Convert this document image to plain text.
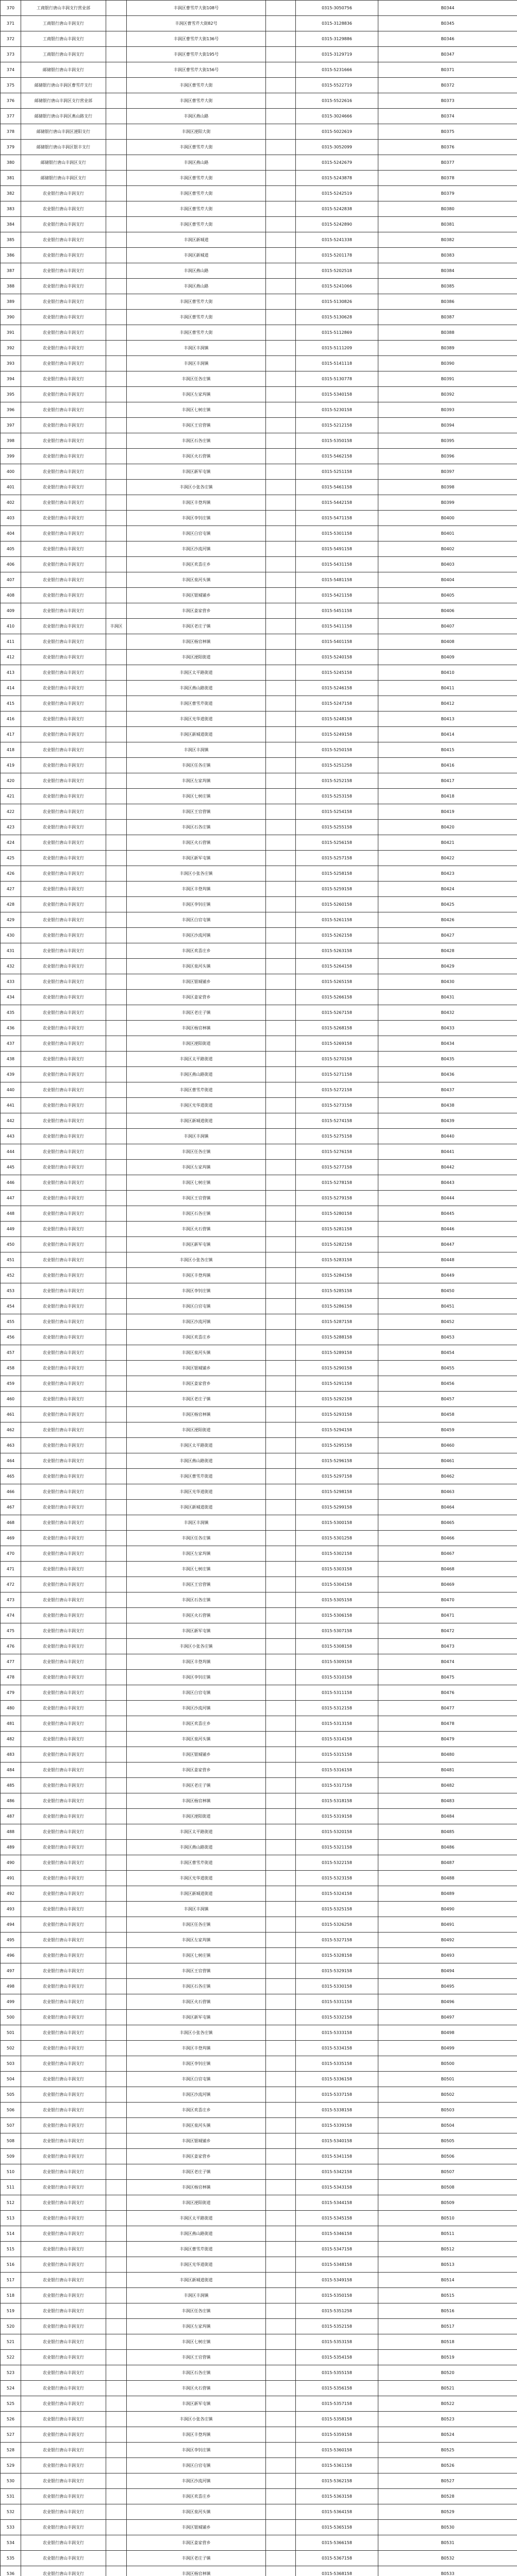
370	工商银行唐山丰润支行营业部		丰润区曹雪芹大街108号		0315-3050756	B0344
371	工商银行唐山丰润支行		丰润区曹雪芹大街82号		0315-3128836	B0345
372	工商银行唐山丰润支行		丰润区曹雪芹大街136号		0315-3129886	B0346
373	工商银行唐山丰润支行		丰润区曹雪芹大街195号		0315-3129719	B0347
374	邮储银行唐山丰润支行		丰润区曹雪芹大街156号		0315-5231666	B0371
375	邮储银行唐山丰润区曹雪芹支行		丰润区曹雪芹大街		0315-5522719	B0372
376	邮储银行唐山丰润区支行营业部		丰润区曹雪芹大街		0315-5522616	B0373
377	邮储银行唐山丰润区燕山路支行		丰润区燕山路		0315-3024666	B0374
378	邮储银行唐山丰润区浭阳支行		丰润区浭阳大街		0315-5022619	B0375
379	邮储银行唐山丰润区银丰支行		丰润区曹雪芹大街		0315-3052099	B0376
380	邮储银行唐山丰润区支行		丰润区燕山路		0315-5242679	B0377
381	邮储银行唐山丰润区支行		丰润区曹雪芹大街		0315-5243878	B0378
382	农业银行唐山丰润支行		丰润区曹雪芹大街		0315-5242519	B0379
383	农业银行唐山丰润支行		丰润区曹雪芹大街		0315-5242838	B0380
384	农业银行唐山丰润支行		丰润区曹雪芹大街		0315-5242890	B0381
385	农业银行唐山丰润支行		丰润区新城道		0315-5241338	B0382
386	农业银行唐山丰润支行		丰润区新城道		0315-5201178	B0383
387	农业银行唐山丰润支行		丰润区燕山路		0315-5202518	B0384
388	农业银行唐山丰润支行		丰润区燕山路		0315-5241066	B0385
389	农业银行唐山丰润支行		丰润区曹雪芹大街		0315-5130826	B0386
390	农业银行唐山丰润支行		丰润区曹雪芹大街		0315-5130628	B0387
391	农业银行唐山丰润支行		丰润区曹雪芹大街		0315-5112869	B0388
392	农业银行唐山丰润支行		丰润区丰润镇		0315-5111209	B0389
393	农业银行唐山丰润支行		丰润区丰润镇		0315-5141118	B0390
394	农业银行唐山丰润支行		丰润区任各庄镇		0315-5130778	B0391
395	农业银行唐山丰润支行		丰润区左家坞镇		0315-5340158	B0392
396	农业银行唐山丰润支行		丰润区七树庄镇		0315-5230158	B0393
397	农业银行唐山丰润支行		丰润区王官营镇		0315-5212158	B0394
398	农业银行唐山丰润支行		丰润区石各庄镇		0315-5350158	B0395
399	农业银行唐山丰润支行		丰润区火石营镇		0315-5462158	B0396
400	农业银行唐山丰润支行		丰润区新军屯镇		0315-5251158	B0397
401	农业银行唐山丰润支行		丰润区小张各庄镇		0315-5461158	B0398
402	农业银行唐山丰润支行		丰润区丰登坞镇		0315-5442158	B0399
403	农业银行唐山丰润支行		丰润区李钊庄镇		0315-5471158	B0400
404	农业银行唐山丰润支行		丰润区白官屯镇		0315-5301158	B0401
405	农业银行唐山丰润支行		丰润区沙流河镇		0315-5491158	B0402
406	农业银行唐山丰润支行		丰润区欢喜庄乡		0315-5431158	B0403
407	农业银行唐山丰润支行		丰润区泉河头镇		0315-5481158	B0404
408	农业银行唐山丰润支行		丰润区银城铺乡		0315-5421158	B0405
409	农业银行唐山丰润支行		丰润区姜家营乡		0315-5451158	B0406
410	农业银行唐山丰润支行	丰润区	丰润区老庄子镇		0315-5411158	B0407
411	农业银行唐山丰润支行		丰润区杨官林镇		0315-5401158	B0408
412	农业银行唐山丰润支行		丰润区浭阳街道		0315-5240158	B0409
413	农业银行唐山丰润支行		丰润区太平路街道		0315-5245158	B0410
414	农业银行唐山丰润支行		丰润区燕山路街道		0315-5246158	B0411
415	农业银行唐山丰润支行		丰润区曹雪芹街道		0315-5247158	B0412
416	农业银行唐山丰润支行		丰润区光华道街道		0315-5248158	B0413
417	农业银行唐山丰润支行		丰润区新城道街道		0315-5249158	B0414
418	农业银行唐山丰润支行		丰润区丰润镇		0315-5250158	B0415
419	农业银行唐山丰润支行		丰润区任各庄镇		0315-5251258	B0416
420	农业银行唐山丰润支行		丰润区左家坞镇		0315-5252158	B0417
421	农业银行唐山丰润支行		丰润区七树庄镇		0315-5253158	B0418
422	农业银行唐山丰润支行		丰润区王官营镇		0315-5254158	B0419
423	农业银行唐山丰润支行		丰润区石各庄镇		0315-5255158	B0420
424	农业银行唐山丰润支行		丰润区火石营镇		0315-5256158	B0421
425	农业银行唐山丰润支行		丰润区新军屯镇		0315-5257158	B0422
426	农业银行唐山丰润支行		丰润区小张各庄镇		0315-5258158	B0423
427	农业银行唐山丰润支行		丰润区丰登坞镇		0315-5259158	B0424
428	农业银行唐山丰润支行		丰润区李钊庄镇		0315-5260158	B0425
429	农业银行唐山丰润支行		丰润区白官屯镇		0315-5261158	B0426
430	农业银行唐山丰润支行		丰润区沙流河镇		0315-5262158	B0427
431	农业银行唐山丰润支行		丰润区欢喜庄乡		0315-5263158	B0428
432	农业银行唐山丰润支行		丰润区泉河头镇		0315-5264158	B0429
433	农业银行唐山丰润支行		丰润区银城铺乡		0315-5265158	B0430
434	农业银行唐山丰润支行		丰润区姜家营乡		0315-5266158	B0431
435	农业银行唐山丰润支行		丰润区老庄子镇		0315-5267158	B0432
436	农业银行唐山丰润支行		丰润区杨官林镇		0315-5268158	B0433
437	农业银行唐山丰润支行		丰润区浭阳街道		0315-5269158	B0434
438	农业银行唐山丰润支行		丰润区太平路街道		0315-5270158	B0435
439	农业银行唐山丰润支行		丰润区燕山路街道		0315-5271158	B0436
440	农业银行唐山丰润支行		丰润区曹雪芹街道		0315-5272158	B0437
441	农业银行唐山丰润支行		丰润区光华道街道		0315-5273158	B0438
442	农业银行唐山丰润支行		丰润区新城道街道		0315-5274158	B0439
443	农业银行唐山丰润支行		丰润区丰润镇		0315-5275158	B0440
444	农业银行唐山丰润支行		丰润区任各庄镇		0315-5276158	B0441
445	农业银行唐山丰润支行		丰润区左家坞镇		0315-5277158	B0442
446	农业银行唐山丰润支行		丰润区七树庄镇		0315-5278158	B0443
447	农业银行唐山丰润支行		丰润区王官营镇		0315-5279158	B0444
448	农业银行唐山丰润支行		丰润区石各庄镇		0315-5280158	B0445
449	农业银行唐山丰润支行		丰润区火石营镇		0315-5281158	B0446
450	农业银行唐山丰润支行		丰润区新军屯镇		0315-5282158	B0447
451	农业银行唐山丰润支行		丰润区小张各庄镇		0315-5283158	B0448
452	农业银行唐山丰润支行		丰润区丰登坞镇		0315-5284158	B0449
453	农业银行唐山丰润支行		丰润区李钊庄镇		0315-5285158	B0450
454	农业银行唐山丰润支行		丰润区白官屯镇		0315-5286158	B0451
455	农业银行唐山丰润支行		丰润区沙流河镇		0315-5287158	B0452
456	农业银行唐山丰润支行		丰润区欢喜庄乡		0315-5288158	B0453
457	农业银行唐山丰润支行		丰润区泉河头镇		0315-5289158	B0454
458	农业银行唐山丰润支行		丰润区银城铺乡		0315-5290158	B0455
459	农业银行唐山丰润支行		丰润区姜家营乡		0315-5291158	B0456
460	农业银行唐山丰润支行		丰润区老庄子镇		0315-5292158	B0457
461	农业银行唐山丰润支行		丰润区杨官林镇		0315-5293158	B0458
462	农业银行唐山丰润支行		丰润区浭阳街道		0315-5294158	B0459
463	农业银行唐山丰润支行		丰润区太平路街道		0315-5295158	B0460
464	农业银行唐山丰润支行		丰润区燕山路街道		0315-5296158	B0461
465	农业银行唐山丰润支行		丰润区曹雪芹街道		0315-5297158	B0462
466	农业银行唐山丰润支行		丰润区光华道街道		0315-5298158	B0463
467	农业银行唐山丰润支行		丰润区新城道街道		0315-5299158	B0464
468	农业银行唐山丰润支行		丰润区丰润镇		0315-5300158	B0465
469	农业银行唐山丰润支行		丰润区任各庄镇		0315-5301258	B0466
470	农业银行唐山丰润支行		丰润区左家坞镇		0315-5302158	B0467
471	农业银行唐山丰润支行		丰润区七树庄镇		0315-5303158	B0468
472	农业银行唐山丰润支行		丰润区王官营镇		0315-5304158	B0469
473	农业银行唐山丰润支行		丰润区石各庄镇		0315-5305158	B0470
474	农业银行唐山丰润支行		丰润区火石营镇		0315-5306158	B0471
475	农业银行唐山丰润支行		丰润区新军屯镇		0315-5307158	B0472
476	农业银行唐山丰润支行		丰润区小张各庄镇		0315-5308158	B0473
477	农业银行唐山丰润支行		丰润区丰登坞镇		0315-5309158	B0474
478	农业银行唐山丰润支行		丰润区李钊庄镇		0315-5310158	B0475
479	农业银行唐山丰润支行		丰润区白官屯镇		0315-5311158	B0476
480	农业银行唐山丰润支行		丰润区沙流河镇		0315-5312158	B0477
481	农业银行唐山丰润支行		丰润区欢喜庄乡		0315-5313158	B0478
482	农业银行唐山丰润支行		丰润区泉河头镇		0315-5314158	B0479
483	农业银行唐山丰润支行		丰润区银城铺乡		0315-5315158	B0480
484	农业银行唐山丰润支行		丰润区姜家营乡		0315-5316158	B0481
485	农业银行唐山丰润支行		丰润区老庄子镇		0315-5317158	B0482
486	农业银行唐山丰润支行		丰润区杨官林镇		0315-5318158	B0483
487	农业银行唐山丰润支行		丰润区浭阳街道		0315-5319158	B0484
488	农业银行唐山丰润支行		丰润区太平路街道		0315-5320158	B0485
489	农业银行唐山丰润支行		丰润区燕山路街道		0315-5321158	B0486
490	农业银行唐山丰润支行		丰润区曹雪芹街道		0315-5322158	B0487
491	农业银行唐山丰润支行		丰润区光华道街道		0315-5323158	B0488
492	农业银行唐山丰润支行		丰润区新城道街道		0315-5324158	B0489
493	农业银行唐山丰润支行		丰润区丰润镇		0315-5325158	B0490
494	农业银行唐山丰润支行		丰润区任各庄镇		0315-5326258	B0491
495	农业银行唐山丰润支行		丰润区左家坞镇		0315-5327158	B0492
496	农业银行唐山丰润支行		丰润区七树庄镇		0315-5328158	B0493
497	农业银行唐山丰润支行		丰润区王官营镇		0315-5329158	B0494
498	农业银行唐山丰润支行		丰润区石各庄镇		0315-5330158	B0495
499	农业银行唐山丰润支行		丰润区火石营镇		0315-5331158	B0496
500	农业银行唐山丰润支行		丰润区新军屯镇		0315-5332158	B0497
501	农业银行唐山丰润支行		丰润区小张各庄镇		0315-5333158	B0498
502	农业银行唐山丰润支行		丰润区丰登坞镇		0315-5334158	B0499
503	农业银行唐山丰润支行		丰润区李钊庄镇		0315-5335158	B0500
504	农业银行唐山丰润支行		丰润区白官屯镇		0315-5336158	B0501
505	农业银行唐山丰润支行		丰润区沙流河镇		0315-5337158	B0502
506	农业银行唐山丰润支行		丰润区欢喜庄乡		0315-5338158	B0503
507	农业银行唐山丰润支行		丰润区泉河头镇		0315-5339158	B0504
508	农业银行唐山丰润支行		丰润区银城铺乡		0315-5340158	B0505
509	农业银行唐山丰润支行		丰润区姜家营乡		0315-5341158	B0506
510	农业银行唐山丰润支行		丰润区老庄子镇		0315-5342158	B0507
511	农业银行唐山丰润支行		丰润区杨官林镇		0315-5343158	B0508
512	农业银行唐山丰润支行		丰润区浭阳街道		0315-5344158	B0509
513	农业银行唐山丰润支行		丰润区太平路街道		0315-5345158	B0510
514	农业银行唐山丰润支行		丰润区燕山路街道		0315-5346158	B0511
515	农业银行唐山丰润支行		丰润区曹雪芹街道		0315-5347158	B0512
516	农业银行唐山丰润支行		丰润区光华道街道		0315-5348158	B0513
517	农业银行唐山丰润支行		丰润区新城道街道		0315-5349158	B0514
518	农业银行唐山丰润支行		丰润区丰润镇		0315-5350158	B0515
519	农业银行唐山丰润支行		丰润区任各庄镇		0315-5351258	B0516
520	农业银行唐山丰润支行		丰润区左家坞镇		0315-5352158	B0517
521	农业银行唐山丰润支行		丰润区七树庄镇		0315-5353158	B0518
522	农业银行唐山丰润支行		丰润区王官营镇		0315-5354158	B0519
523	农业银行唐山丰润支行		丰润区石各庄镇		0315-5355158	B0520
524	农业银行唐山丰润支行		丰润区火石营镇		0315-5356158	B0521
525	农业银行唐山丰润支行		丰润区新军屯镇		0315-5357158	B0522
526	农业银行唐山丰润支行		丰润区小张各庄镇		0315-5358158	B0523
527	农业银行唐山丰润支行		丰润区丰登坞镇		0315-5359158	B0524
528	农业银行唐山丰润支行		丰润区李钊庄镇		0315-5360158	B0525
529	农业银行唐山丰润支行		丰润区白官屯镇		0315-5361158	B0526
530	农业银行唐山丰润支行		丰润区沙流河镇		0315-5362158	B0527
531	农业银行唐山丰润支行		丰润区欢喜庄乡		0315-5363158	B0528
532	农业银行唐山丰润支行		丰润区泉河头镇		0315-5364158	B0529
533	农业银行唐山丰润支行		丰润区银城铺乡		0315-5365158	B0530
534	农业银行唐山丰润支行		丰润区姜家营乡		0315-5366158	B0531
535	农业银行唐山丰润支行		丰润区老庄子镇		0315-5367158	B0532
536	农业银行唐山丰润支行		丰润区杨官林镇		0315-5368158	B0533
